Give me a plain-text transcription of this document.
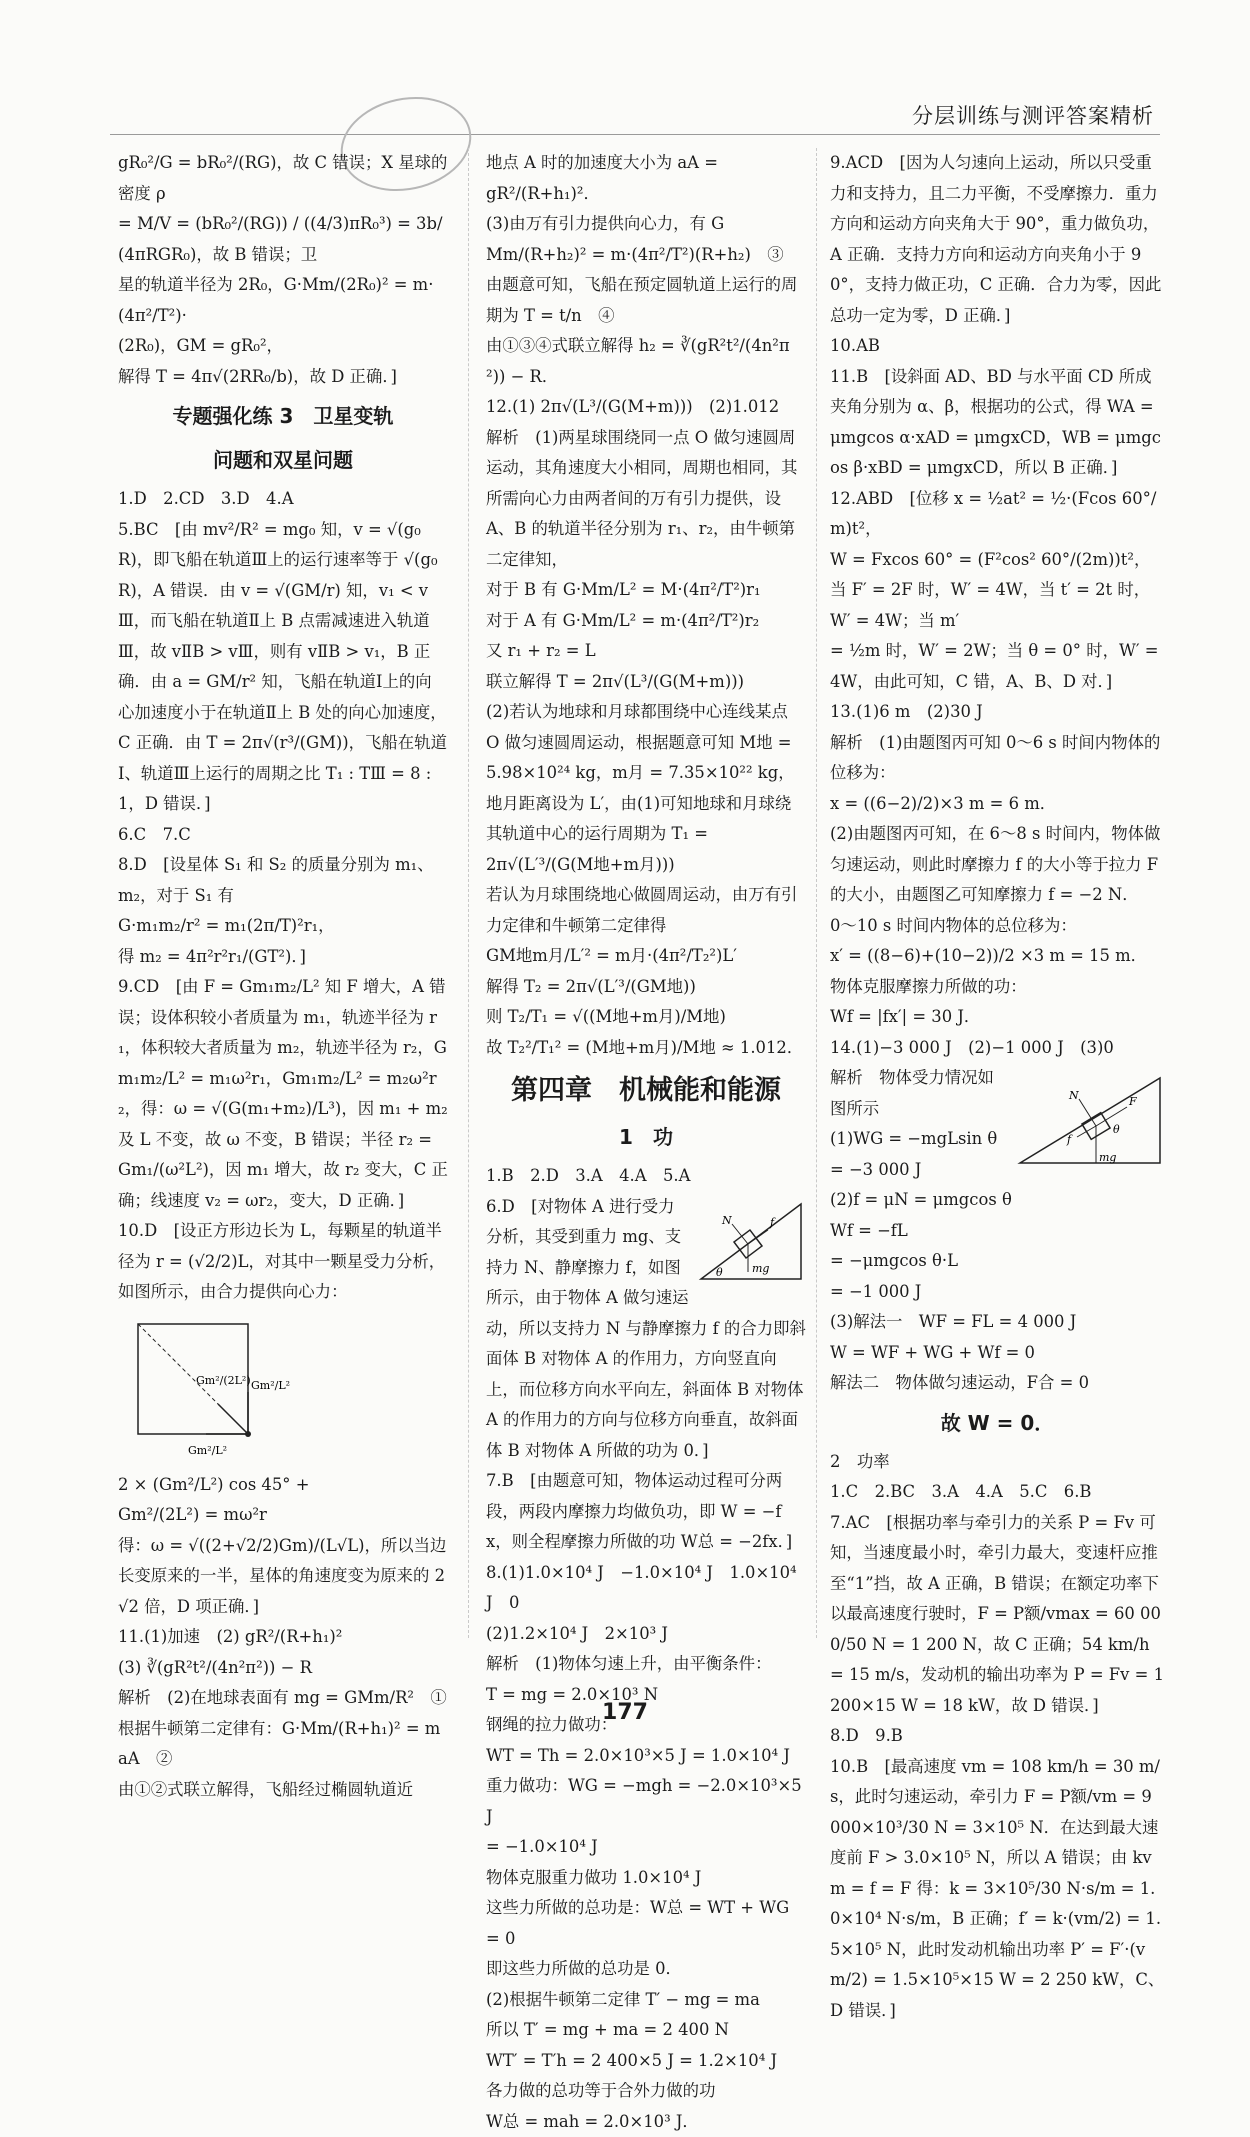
分层训练与测评答案精析

gR₀²/G = bR₀²/(RG)，故 C 错误；X 星球的密度 ρ

= M/V = (bR₀²/(RG)) / ((4/3)πR₀³) = 3b/(4πRGR₀)，故 B 错误；卫

星的轨道半径为 2R₀，G·Mm/(2R₀)² = m·(4π²/T²)·

(2R₀)，GM = gR₀²，

解得 T = 4π√(2RR₀/b)，故 D 正确．]

专题强化练 3　卫星变轨

问题和双星问题

1.D　2.CD　3.D　4.A

5.BC　[由 mv²/R² = mg₀ 知，v = √(g₀R)，即飞船在轨道Ⅲ上的运行速率等于 √(g₀R)，A 错误．由 v = √(GM/r) 知，v₁ < vⅢ，而飞船在轨道Ⅱ上 B 点需减速进入轨道Ⅲ，故 vⅡB > vⅢ，则有 vⅡB > v₁，B 正确．由 a = GM/r² 知，飞船在轨道Ⅰ上的向心加速度小于在轨道Ⅱ上 B 处的向心加速度，C 正确．由 T = 2π√(r³/(GM))，飞船在轨道Ⅰ、轨道Ⅲ上运行的周期之比 T₁ : TⅢ = 8 : 1，D 错误．]

6.C　7.C

8.D　[设星体 S₁ 和 S₂ 的质量分别为 m₁、m₂，对于 S₁ 有

G·m₁m₂/r² = m₁(2π/T)²r₁，

得 m₂ = 4π²r²r₁/(GT²)．]

9.CD　[由 F = Gm₁m₂/L² 知 F 增大，A 错误；设体积较小者质量为 m₁，轨迹半径为 r₁，体积较大者质量为 m₂，轨迹半径为 r₂，Gm₁m₂/L² = m₁ω²r₁，Gm₁m₂/L² = m₂ω²r₂，得：ω = √(G(m₁+m₂)/L³)，因 m₁ + m₂ 及 L 不变，故 ω 不变，B 错误；半径 r₂ = Gm₁/(ω²L²)，因 m₁ 增大，故 r₂ 变大，C 正确；线速度 v₂ = ωr₂，变大，D 正确．]

10.D　[设正方形边长为 L，每颗星的轨道半径为 r = (√2/2)L，对其中一颗星受力分析，如图所示，由合力提供向心力：

Gm²/(2L²) Gm²/L²
Gm²/L²

2 × (Gm²/L²) cos 45° +

Gm²/(2L²) = mω²r

得：ω = √((2+√2/2)Gm)/(L√L)，所以当边长变原来的一半，星体的角速度变为原来的 2√2 倍，D 项正确．]

11.(1)加速　(2) gR²/(R+h₁)²

(3) ∛(gR²t²/(4n²π²)) − R

解析　(2)在地球表面有 mg = GMm/R²　①

根据牛顿第二定律有：G·Mm/(R+h₁)² = maA　②

由①②式联立解得，飞船经过椭圆轨道近

地点 A 时的加速度大小为 aA =

gR²/(R+h₁)²．

(3)由万有引力提供向心力，有 G

Mm/(R+h₂)² = m·(4π²/T²)(R+h₂)　③

由题意可知，飞船在预定圆轨道上运行的周期为 T = t/n　④

由①③④式联立解得 h₂ = ∛(gR²t²/(4n²π²)) − R．

12.(1) 2π√(L³/(G(M+m)))　(2)1.012

解析　(1)两星球围绕同一点 O 做匀速圆周运动，其角速度大小相同，周期也相同，其所需向心力由两者间的万有引力提供，设 A、B 的轨道半径分别为 r₁、r₂，由牛顿第二定律知，

对于 B 有 G·Mm/L² = M·(4π²/T²)r₁

对于 A 有 G·Mm/L² = m·(4π²/T²)r₂

又 r₁ + r₂ = L

联立解得 T = 2π√(L³/(G(M+m)))

(2)若认为地球和月球都围绕中心连线某点 O 做匀速圆周运动，根据题意可知 M地 = 5.98×10²⁴ kg，m月 = 7.35×10²² kg，地月距离设为 L′，由(1)可知地球和月球绕其轨道中心的运行周期为 T₁ =

2π√(L′³/(G(M地+m月)))

若认为月球围绕地心做圆周运动，由万有引力定律和牛顿第二定律得

GM地m月/L′² = m月·(4π²/T₂²)L′

解得 T₂ = 2π√(L′³/(GM地))

则 T₂/T₁ = √((M地+m月)/M地)

故 T₂²/T₁² = (M地+m月)/M地 ≈ 1.012．

第四章　机械能和能源

1　功

1.B　2.D　3.A　4.A　5.A

N	f
mg
θ

6.D　[对物体 A 进行受力分析，其受到重力 mg、支持力 N、静摩擦力 f，如图所示，由于物体 A 做匀速运动，所以支持力 N 与静摩擦力 f 的合力即斜面体 B 对物体 A 的作用力，方向竖直向上，而位移方向水平向左，斜面体 B 对物体 A 的作用力的方向与位移方向垂直，故斜面体 B 对物体 A 所做的功为 0．]

7.B　[由题意可知，物体运动过程可分两段，两段内摩擦力均做负功，即 W = −fx，则全程摩擦力所做的功 W总 = −2fx．]

8.(1)1.0×10⁴ J　−1.0×10⁴ J　1.0×10⁴ J　0

(2)1.2×10⁴ J　2×10³ J

解析　(1)物体匀速上升，由平衡条件：

T = mg = 2.0×10³ N

钢绳的拉力做功：

WT = Th = 2.0×10³×5 J = 1.0×10⁴ J

重力做功：WG = −mgh = −2.0×10³×5 J

= −1.0×10⁴ J

物体克服重力做功 1.0×10⁴ J

这些力所做的总功是：W总 = WT + WG = 0

即这些力所做的总功是 0．

(2)根据牛顿第二定律 T′ − mg = ma

所以 T′ = mg + ma = 2 400 N

WT′ = T′h = 2 400×5 J = 1.2×10⁴ J

各力做的总功等于合外力做的功

W总 = mah = 2.0×10³ J．

9.ACD　[因为人匀速向上运动，所以只受重力和支持力，且二力平衡，不受摩擦力．重力方向和运动方向夹角大于 90°，重力做负功，A 正确．支持力方向和运动方向夹角小于 90°，支持力做正功，C 正确．合力为零，因此总功一定为零，D 正确．]

10.AB

11.B　[设斜面 AD、BD 与水平面 CD 所成夹角分别为 α、β，根据功的公式，得 WA = μmgcos α·xAD = μmgxCD，WB = μmgcos β·xBD = μmgxCD，所以 B 正确．]

12.ABD　[位移 x = ½at² = ½·(Fcos 60°/m)t²，

W = Fxcos 60° = (F²cos² 60°/(2m))t²，当 F′ = 2F 时，W′ = 4W，当 t′ = 2t 时，W′ = 4W；当 m′

= ½m 时，W′ = 2W；当 θ = 0° 时，W′ =

4W，由此可知，C 错，A、B、D 对．]

13.(1)6 m　(2)30 J

解析　(1)由题图丙可知 0～6 s 时间内物体的位移为：

x = ((6−2)/2)×3 m = 6 m．

(2)由题图丙可知，在 6～8 s 时间内，物体做匀速运动，则此时摩擦力 f 的大小等于拉力 F 的大小，由题图乙可知摩擦力 f = −2 N．

0～10 s 时间内物体的总位移为：

x′ = ((8−6)+(10−2))/2 ×3 m = 15 m．

物体克服摩擦力所做的功：

Wf = |fx′| = 30 J．

14.(1)−3 000 J　(2)−1 000 J　(3)0

N	F
f
mg
θ

解析　物体受力情况如图所示

(1)WG = −mgLsin θ

= −3 000 J

(2)f = μN = μmgcos θ

Wf = −fL

= −μmgcos θ·L

= −1 000 J

(3)解法一　WF = FL = 4 000 J

W = WF + WG + Wf = 0

解法二　物体做匀速运动，F合 = 0

故 W = 0．

2　功率

1.C　2.BC　3.A　4.A　5.C　6.B

7.AC　[根据功率与牵引力的关系 P = Fv 可知，当速度最小时，牵引力最大，变速杆应推至“1”挡，故 A 正确，B 错误；在额定功率下以最高速度行驶时，F = P额/vmax = 60 000/50 N = 1 200 N，故 C 正确；54 km/h = 15 m/s，发动机的输出功率为 P = Fv = 1 200×15 W = 18 kW，故 D 错误．]

8.D　9.B

10.B　[最高速度 vm = 108 km/h = 30 m/s，此时匀速运动，牵引力 F = P额/vm = 9 000×10³/30 N = 3×10⁵ N．在达到最大速度前 F > 3.0×10⁵ N，所以 A 错误；由 kvm = f = F 得：k = 3×10⁵/30 N·s/m = 1.0×10⁴ N·s/m，B 正确；f′ = k·(vm/2) = 1.5×10⁵ N，此时发动机输出功率 P′ = F′·(vm/2) = 1.5×10⁵×15 W = 2 250 kW，C、D 错误．]

177
